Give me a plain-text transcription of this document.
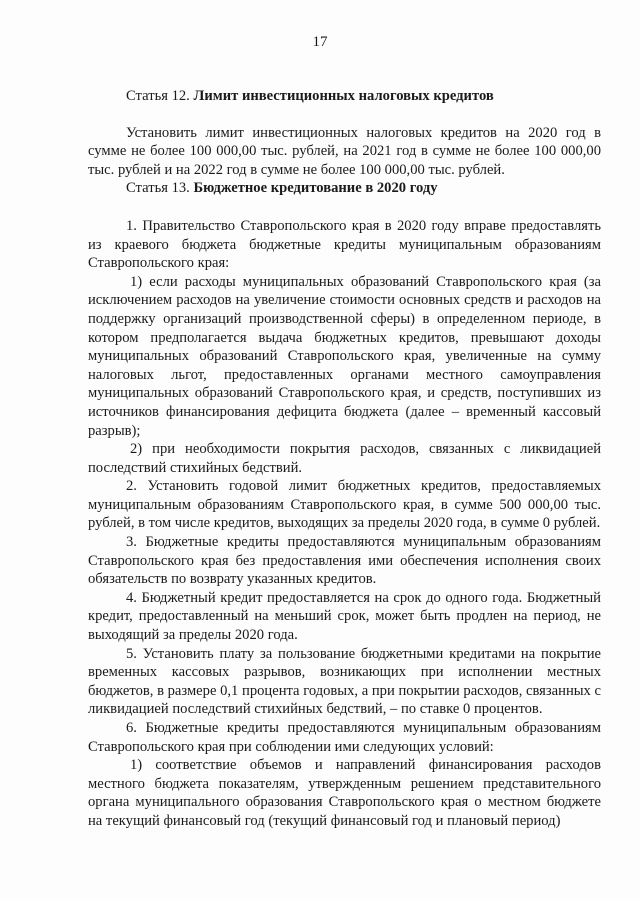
17

Статья 12. Лимит инвестиционных налоговых кредитов

Установить лимит инвестиционных налоговых кредитов на 2020 год в сумме не более 100 000,00 тыс. рублей, на 2021 год в сумме не более 100 000,00 тыс. рублей и на 2022 год в сумме не более 100 000,00 тыс. рублей.

Статья 13. Бюджетное кредитование в 2020 году

1. Правительство Ставропольского края в 2020 году вправе предоставлять из краевого бюджета бюджетные кредиты муниципальным образованиям Ставропольского края:

1) если расходы муниципальных образований Ставропольского края (за исключением расходов на увеличение стоимости основных средств и расходов на поддержку организаций производственной сферы) в определенном периоде, в котором предполагается выдача бюджетных кредитов, превышают доходы муниципальных образований Ставропольского края, увеличенные на сумму налоговых льгот, предоставленных органами местного самоуправления муниципальных образований Ставропольского края, и средств, поступивших из источников финансирования дефицита бюджета (далее – временный кассовый разрыв);

2) при необходимости покрытия расходов, связанных с ликвидацией последствий стихийных бедствий.

2. Установить годовой лимит бюджетных кредитов, предоставляемых муниципальным образованиям Ставропольского края, в сумме 500 000,00 тыс. рублей, в том числе кредитов, выходящих за пределы 2020 года, в сумме 0 рублей.

3. Бюджетные кредиты предоставляются муниципальным образованиям Ставропольского края без предоставления ими обеспечения исполнения своих обязательств по возврату указанных кредитов.

4. Бюджетный кредит предоставляется на срок до одного года. Бюджетный кредит, предоставленный на меньший срок, может быть продлен на период, не выходящий за пределы 2020 года.

5. Установить плату за пользование бюджетными кредитами на покрытие временных кассовых разрывов, возникающих при исполнении местных бюджетов, в размере 0,1 процента годовых, а при покрытии расходов, связанных с ликвидацией последствий стихийных бедствий, – по ставке 0 процентов.

6. Бюджетные кредиты предоставляются муниципальным образованиям Ставропольского края при соблюдении ими следующих условий:

1) соответствие объемов и направлений финансирования расходов местного бюджета показателям, утвержденным решением представительного органа муниципального образования Ставропольского края о местном бюджете на текущий финансовый год (текущий финансовый год и плановый период)
